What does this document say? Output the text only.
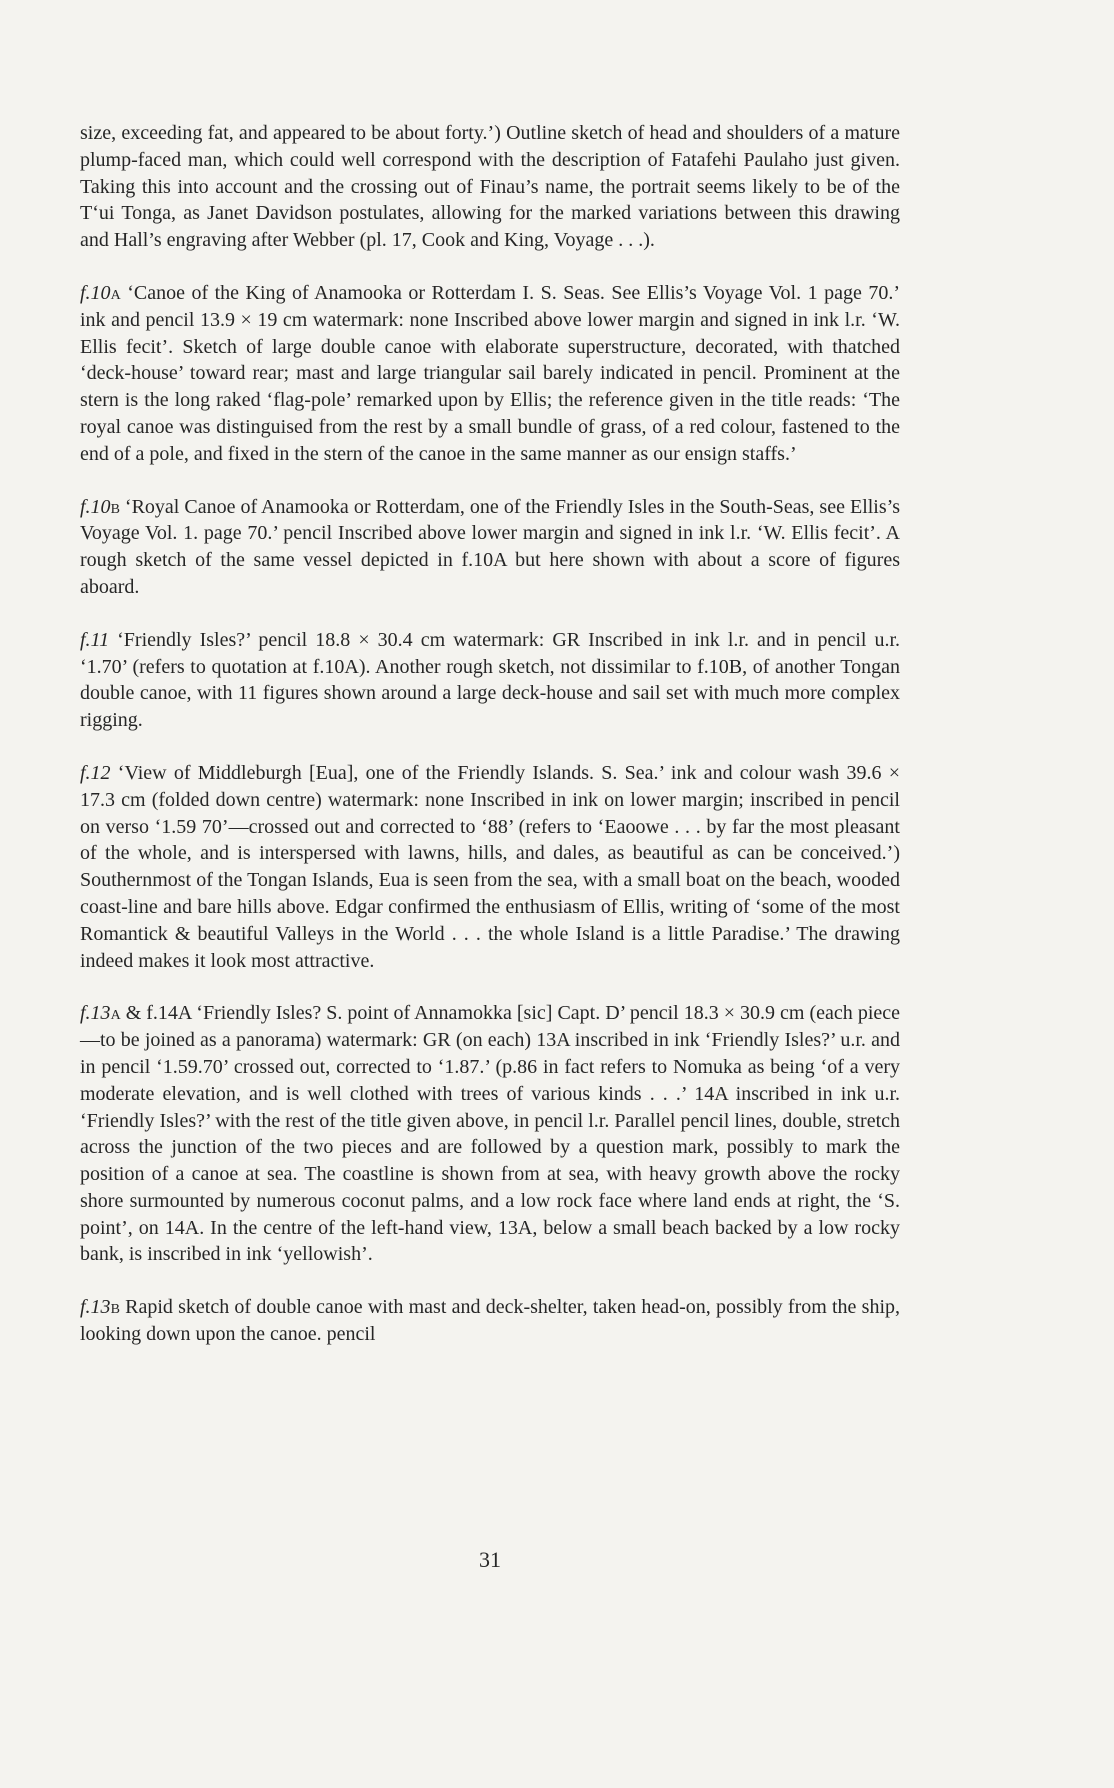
size, exceeding fat, and appeared to be about forty.’) Outline sketch of head and shoulders of a mature plump-faced man, which could well correspond with the description of Fatafehi Paulaho just given. Taking this into account and the crossing out of Finau’s name, the portrait seems likely to be of the T‘ui Tonga, as Janet Davidson postulates, allowing for the marked variations between this drawing and Hall’s engraving after Webber (pl. 17, Cook and King, Voyage . . .).

f.10a ‘Canoe of the King of Anamooka or Rotterdam I. S. Seas. See Ellis’s Voyage Vol. 1 page 70.’ ink and pencil 13.9 × 19 cm watermark: none Inscribed above lower margin and signed in ink l.r. ‘W. Ellis fecit’. Sketch of large double canoe with elaborate superstructure, decorated, with thatched ‘deck-house’ toward rear; mast and large triangular sail barely indicated in pencil. Prominent at the stern is the long raked ‘flag-pole’ remarked upon by Ellis; the reference given in the title reads: ‘The royal canoe was distinguised from the rest by a small bundle of grass, of a red colour, fastened to the end of a pole, and fixed in the stern of the canoe in the same manner as our ensign staffs.’

f.10b ‘Royal Canoe of Anamooka or Rotterdam, one of the Friendly Isles in the South-Seas, see Ellis’s Voyage Vol. 1. page 70.’ pencil Inscribed above lower margin and signed in ink l.r. ‘W. Ellis fecit’. A rough sketch of the same vessel depicted in f.10A but here shown with about a score of figures aboard.

f.11 ‘Friendly Isles?’ pencil 18.8 × 30.4 cm watermark: GR Inscribed in ink l.r. and in pencil u.r. ‘1.70’ (refers to quotation at f.10A). Another rough sketch, not dissimilar to f.10B, of another Tongan double canoe, with 11 figures shown around a large deck-house and sail set with much more complex rigging.

f.12 ‘View of Middleburgh [Eua], one of the Friendly Islands. S. Sea.’ ink and colour wash 39.6 × 17.3 cm (folded down centre) watermark: none Inscribed in ink on lower margin; inscribed in pencil on verso ‘1.59 70’—crossed out and corrected to ‘88’ (refers to ‘Eaoowe . . . by far the most pleasant of the whole, and is interspersed with lawns, hills, and dales, as beautiful as can be conceived.’) Southernmost of the Tongan Islands, Eua is seen from the sea, with a small boat on the beach, wooded coast-line and bare hills above. Edgar confirmed the enthusiasm of Ellis, writing of ‘some of the most Romantick & beautiful Valleys in the World . . . the whole Island is a little Paradise.’ The drawing indeed makes it look most attractive.

f.13a & f.14A ‘Friendly Isles? S. point of Annamokka [sic] Capt. D’ pencil 18.3 × 30.9 cm (each piece—to be joined as a panorama) watermark: GR (on each) 13A inscribed in ink ‘Friendly Isles?’ u.r. and in pencil ‘1.59.70’ crossed out, corrected to ‘1.87.’ (p.86 in fact refers to Nomuka as being ‘of a very moderate elevation, and is well clothed with trees of various kinds . . .’ 14A inscribed in ink u.r. ‘Friendly Isles?’ with the rest of the title given above, in pencil l.r. Parallel pencil lines, double, stretch across the junction of the two pieces and are followed by a question mark, possibly to mark the position of a canoe at sea. The coastline is shown from at sea, with heavy growth above the rocky shore surmounted by numerous coconut palms, and a low rock face where land ends at right, the ‘S. point’, on 14A. In the centre of the left-hand view, 13A, below a small beach backed by a low rocky bank, is inscribed in ink ‘yellowish’.

f.13b Rapid sketch of double canoe with mast and deck-shelter, taken head-on, possibly from the ship, looking down upon the canoe. pencil

31
